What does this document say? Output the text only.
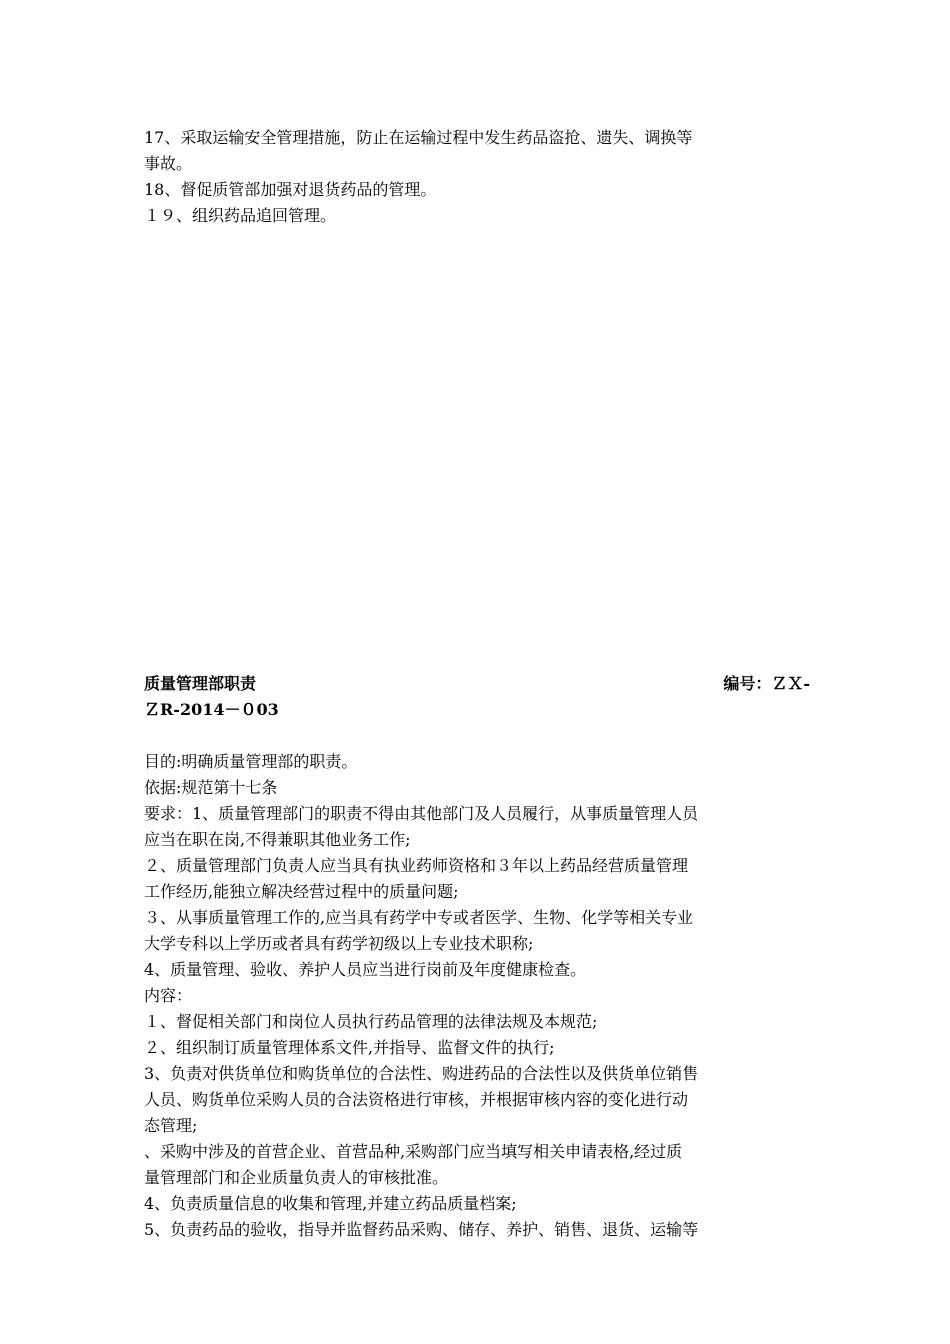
17、采取运输安全管理措施，防止在运输过程中发生药品盗抢、遗失、调换等

事故。

18、督促质管部加强对退货药品的管理。

１９、组织药品追回管理。

质量管理部职责	编号：ＺＸ-

ＺR-2014－０03

目的:明确质量管理部的职责。

依据:规范第十七条

要求：1、质量管理部门的职责不得由其他部门及人员履行，从事质量管理人员

应当在职在岗,不得兼职其他业务工作;

２、质量管理部门负责人应当具有执业药师资格和３年以上药品经营质量管理

工作经历,能独立解决经营过程中的质量问题;

３、从事质量管理工作的,应当具有药学中专或者医学、生物、化学等相关专业

大学专科以上学历或者具有药学初级以上专业技术职称;

4、质量管理、验收、养护人员应当进行岗前及年度健康检查。

内容：

１、督促相关部门和岗位人员执行药品管理的法律法规及本规范;

２、组织制订质量管理体系文件,并指导、监督文件的执行;

3、负责对供货单位和购货单位的合法性、购进药品的合法性以及供货单位销售

人员、购货单位采购人员的合法资格进行审核，并根据审核内容的变化进行动

态管理;

、采购中涉及的首营企业、首营品种,采购部门应当填写相关申请表格,经过质

量管理部门和企业质量负责人的审核批准。

4、负责质量信息的收集和管理,并建立药品质量档案;

5、负责药品的验收，指导并监督药品采购、储存、养护、销售、退货、运输等
